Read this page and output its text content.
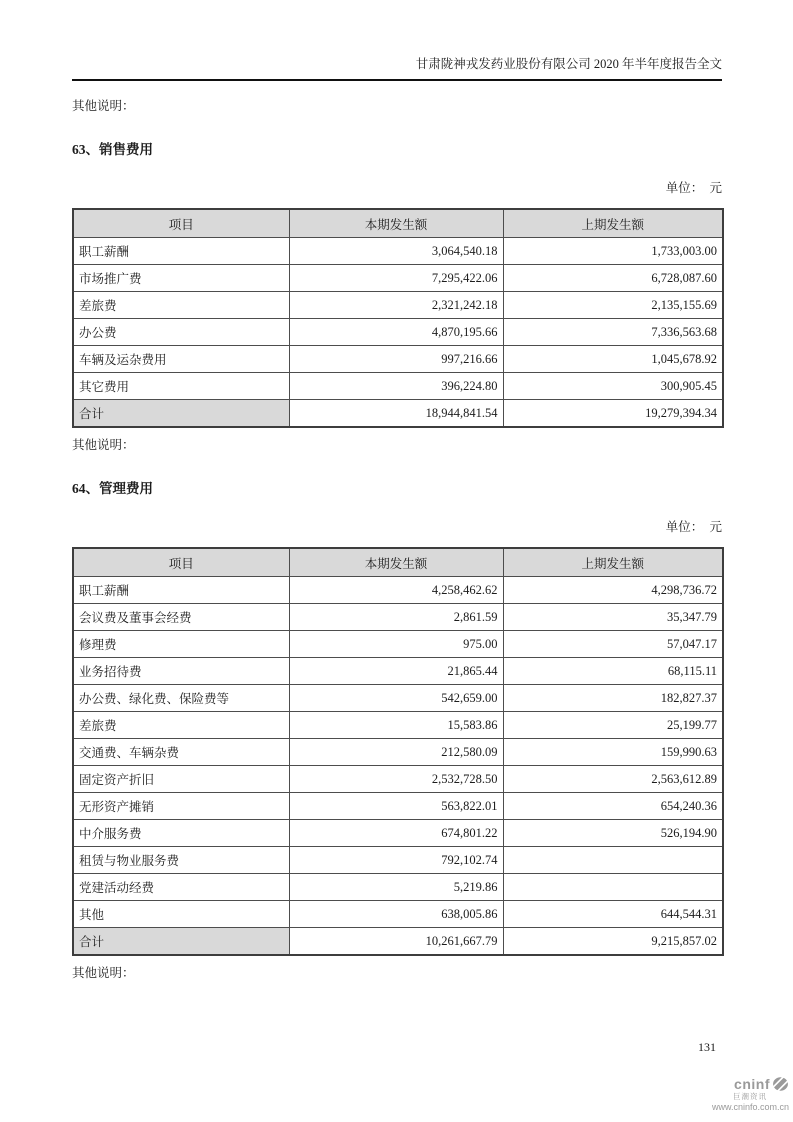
甘肃陇神戎发药业股份有限公司 2020 年半年度报告全文

其他说明：

63、销售费用
单位：　元
项目	本期发生额	上期发生额
职工薪酬	3,064,540.18	1,733,003.00
市场推广费	7,295,422.06	6,728,087.60
差旅费	2,321,242.18	2,135,155.69
办公费	4,870,195.66	7,336,563.68
车辆及运杂费用	997,216.66	1,045,678.92
其它费用	396,224.80	300,905.45
合计	18,944,841.54	19,279,394.34

其他说明：

64、管理费用
单位：　元
项目	本期发生额	上期发生额
职工薪酬	4,258,462.62	4,298,736.72
会议费及董事会经费	2,861.59	35,347.79
修理费	975.00	57,047.17
业务招待费	21,865.44	68,115.11
办公费、绿化费、保险费等	542,659.00	182,827.37
差旅费	15,583.86	25,199.77
交通费、车辆杂费	212,580.09	159,990.63
固定资产折旧	2,532,728.50	2,563,612.89
无形资产摊销	563,822.01	654,240.36
中介服务费	674,801.22	526,194.90
租赁与物业服务费	792,102.74	
党建活动经费	5,219.86	
其他	638,005.86	644,544.31
合计	10,261,667.79	9,215,857.02

其他说明：

131
cninf
巨潮资讯
www.cninfo.com.cn
